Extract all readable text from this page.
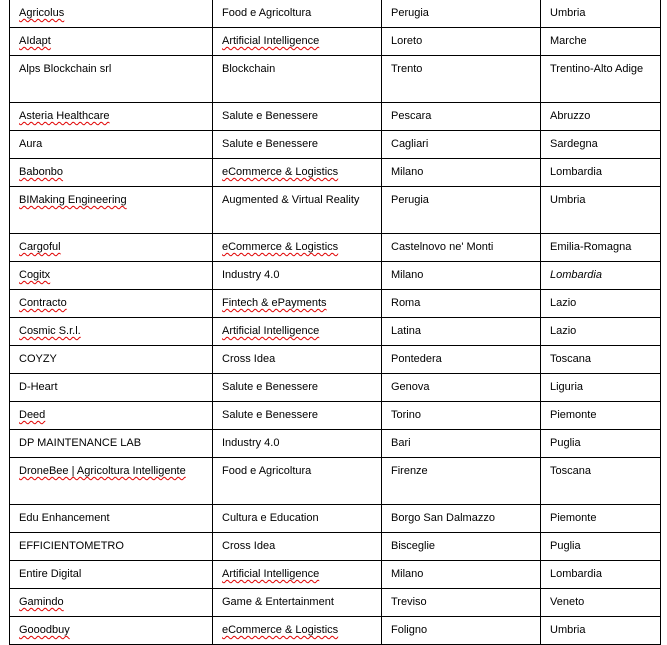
Agricolus	Food e Agricoltura	Perugia	Umbria
AIdapt	Artificial Intelligence	Loreto	Marche
Alps Blockchain srl	Blockchain	Trento	Trentino-Alto Adige
Asteria Healthcare	Salute e Benessere	Pescara	Abruzzo
Aura	Salute e Benessere	Cagliari	Sardegna
Babonbo	eCommerce & Logistics	Milano	Lombardia
BIMaking Engineering	Augmented & Virtual Reality	Perugia	Umbria
Cargoful	eCommerce & Logistics	Castelnovo ne' Monti	Emilia-Romagna
Cogitx	Industry 4.0	Milano	Lombardia
Contracto	Fintech & ePayments	Roma	Lazio
Cosmic S.r.l.	Artificial Intelligence	Latina	Lazio
COYZY	Cross Idea	Pontedera	Toscana
D-Heart	Salute e Benessere	Genova	Liguria
Deed	Salute e Benessere	Torino	Piemonte
DP MAINTENANCE LAB	Industry 4.0	Bari	Puglia
DroneBee | Agricoltura Intelligente	Food e Agricoltura	Firenze	Toscana
Edu Enhancement	Cultura e Education	Borgo San Dalmazzo	Piemonte
EFFICIENTOMETRO	Cross Idea	Bisceglie	Puglia
Entire Digital	Artificial Intelligence	Milano	Lombardia
Gamindo	Game & Entertainment	Treviso	Veneto
Gooodbuy	eCommerce & Logistics	Foligno	Umbria
